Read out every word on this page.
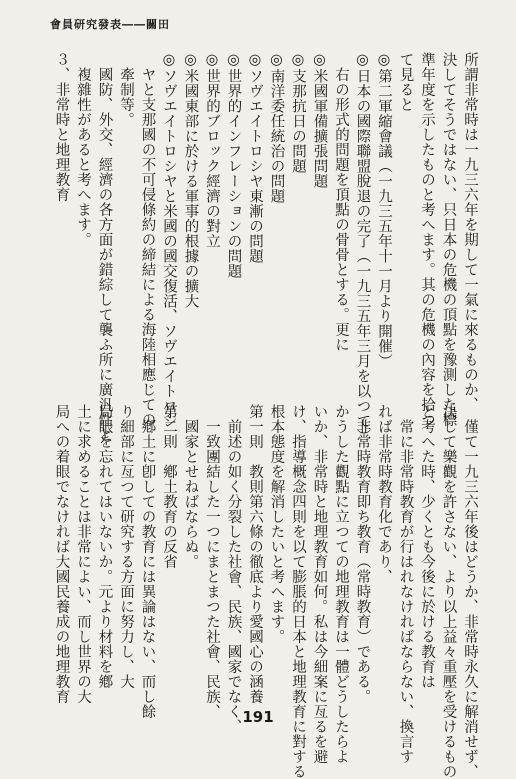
會員研究發表――關田
所謂非常時は一九三六年を期して一氣に來るものか、
決してそうではない、只日本の危機の頂點を豫測した標
準年度を示したものと考へます。其の危機の內容を拾つ
て見ると
◎第二軍縮會議（一九三五年十一月より開催）
◎日本の國際聯盟脫退の完了（一九三五年三月を以つて）
　右の形式的問題を頂點の骨骨とする。更に
◎米國軍備擴張問題
◎支那抗日の問題
◎南洋委任統治の問題
◎ソヴエイトロシヤ東漸の問題
◎世界的インフレーションの問題
◎世界的ブロック經濟の對立
◎米國東部に於ける軍事的根據の擴大
◎ソヴエイトロシヤと米國の國交復活、ソヴエイトロシ
　ヤと支那國の不可侵條約の締結による海陸相應じての
　牽制等。
　國防、外交、經濟の各方面が錯綜して襲ふ所に廣汎性と
　複雜性があると考へます。
３、非常時と地理教育
　僅て一九三六年後はどうか、非常時永久に解消せず、
決して樂觀を許さない、より以上益々重壓を受けるもの
と考へた時、少くとも今後に於ける教育は
　常に非常時教育が行はれなければならない、換言す
れば非常時教育化であり、
　非常時教育即ち教育（常時教育）である。
かうした觀點に立つての地理教育は一體どうしたらよ
いか、非常時と地理教育如何。私は今細案に亙るを避
け、指導概念四則を以て膨脹的日本と地理教育に對する
根本態度を解消したいと考へます。
第一則　教則第六條の徹底より愛國心の涵養
　前述の如く分裂した社會、民族、國家でなく、
　一致團結した一つにまとまつた社會、民族、
　國家とせねばならぬ。
第二則　鄕土教育の反省
　鄕土に卽しての教育には異論はない、而し餘
り細部に亙つて研究する方面に努力し、大
局眼を忘れてはいないか。元より材料を鄕
土に求めることは非常によい、而し世界の大
局への着眼でなければ大國民養成の地理教育
191
